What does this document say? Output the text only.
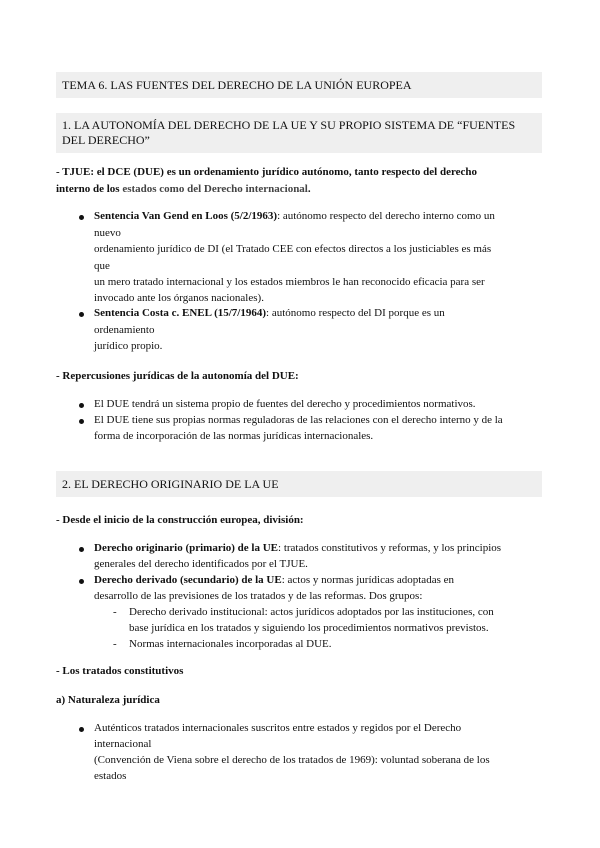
TEMA 6. LAS FUENTES DEL DERECHO DE LA UNIÓN EUROPEA
1. LA AUTONOMÍA DEL DERECHO DE LA UE Y SU PROPIO SISTEMA DE “FUENTES
DEL DERECHO”
- TJUE: el DCE (DUE) es un ordenamiento jurídico autónomo, tanto respecto del derecho
interno de los estados como del Derecho internacional.
Sentencia Van Gend en Loos (5/2/1963): autónomo respecto del derecho interno como un
nuevo
ordenamiento jurídico de DI (el Tratado CEE con efectos directos a los justiciables es más
que
un mero tratado internacional y los estados miembros le han reconocido eficacia para ser
invocado ante los órganos nacionales).
Sentencia Costa c. ENEL (15/7/1964): autónomo respecto del DI porque es un
ordenamiento
jurídico propio.
- Repercusiones jurídicas de la autonomía del DUE:
El DUE tendrá un sistema propio de fuentes del derecho y procedimientos normativos.
El DUE tiene sus propias normas reguladoras de las relaciones con el derecho interno y de la
forma de incorporación de las normas jurídicas internacionales.
2. EL DERECHO ORIGINARIO DE LA UE
- Desde el inicio de la construcción europea, división:
Derecho originario (primario) de la UE: tratados constitutivos y reformas, y los principios
generales del derecho identificados por el TJUE.
Derecho derivado (secundario) de la UE: actos y normas jurídicas adoptadas en
desarrollo de las previsiones de los tratados y de las reformas. Dos grupos:
- Derecho derivado institucional: actos jurídicos adoptados por las instituciones, con
base jurídica en los tratados y siguiendo los procedimientos normativos previstos.
- Normas internacionales incorporadas al DUE.
- Los tratados constitutivos
a) Naturaleza jurídica
Auténticos tratados internacionales suscritos entre estados y regidos por el Derecho
internacional
(Convención de Viena sobre el derecho de los tratados de 1969): voluntad soberana de los
estados
